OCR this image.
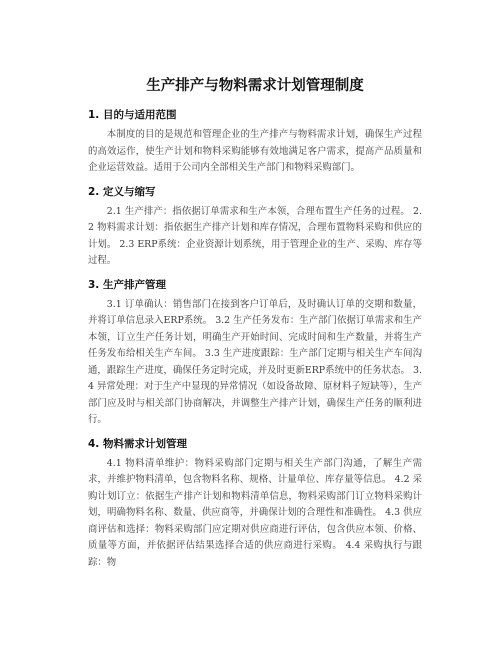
生产排产与物料需求计划管理制度
1. 目的与适用范围

本制度的目的是规范和管理企业的生产排产与物料需求计划，确保生产过程的高效运作，使生产计划和物料采购能够有效地满足客户需求，提高产品质量和企业运营效益。适用于公司内全部相关生产部门和物料采购部门。

2. 定义与缩写

2.1 生产排产：指依据订单需求和生产本领，合理布置生产任务的过程。 2.2 物料需求计划：指依据生产排产计划和库存情况，合理布置物料采购和供应的计划。 2.3 ERP系统：企业资源计划系统，用于管理企业的生产、采购、库存等过程。

3. 生产排产管理

3.1 订单确认：销售部门在接到客户订单后，及时确认订单的交期和数量，并将订单信息录入ERP系统。 3.2 生产任务发布：生产部门依据订单需求和生产本领，订立生产任务计划，明确生产开始时间、完成时间和生产数量，并将生产任务发布给相关生产车间。 3.3 生产进度跟踪：生产部门定期与相关生产车间沟通，跟踪生产进度，确保任务定时完成，并及时更新ERP系统中的任务状态。 3.4 异常处理：对于生产中显现的异常情况（如设备故障、原材料子短缺等），生产部门应及时与相关部门协商解决，并调整生产排产计划，确保生产任务的顺利进行。

4. 物料需求计划管理

4.1 物料清单维护：物料采购部门定期与相关生产部门沟通，了解生产需求，并维护物料清单，包含物料名称、规格、计量单位、库存量等信息。 4.2 采购计划订立：依据生产排产计划和物料清单信息，物料采购部门订立物料采购计划，明确物料名称、数量、供应商等，并确保计划的合理性和准确性。 4.3 供应商评估和选择：物料采购部门应定期对供应商进行评估，包含供应本领、价格、质量等方面，并依据评估结果选择合适的供应商进行采购。 4.4 采购执行与跟踪：物
